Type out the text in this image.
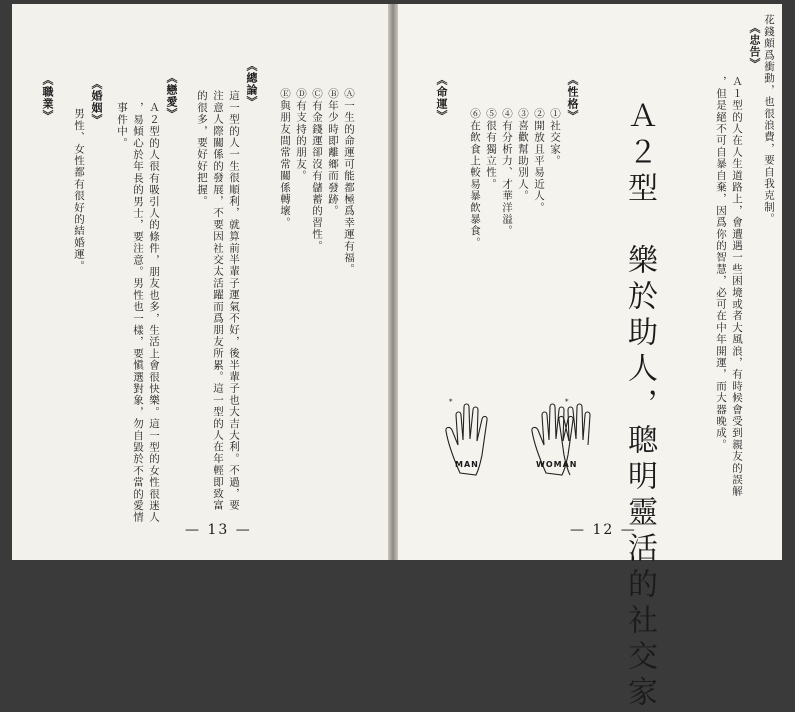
花錢頗爲衝動，也很浪費，要自我克制。
《忠告》
Ａ１型的人在人生道路上，會遭遇一些困境或者大風浪，有時候會受到親友的誤解
，但是絕不可自暴自棄，因爲你的智慧，必可在中年開運，而大器晚成。
Ａ２型　樂於助人，聰明靈活的社交家
《性格》
①社交家。
②開放且平易近人。
③喜歡幫助別人。
④有分析力、才華洋溢。
⑤很有獨立性。
⑥在飲食上較易暴飲暴食。
《命運》
*	*
MAN	WOMAN
— 12 —
Ⓐ一生的命運可能都極爲幸運有福。
Ⓑ年少時即離鄉而發跡。
Ⓒ有金錢運卻沒有儲蓄的習性。
Ⓓ有支持的朋友。
Ⓔ與朋友間常常關係轉壞。
《總論》
這一型的人一生很順利，就算前半輩子運氣不好，後半輩子也大吉大利。不過，要
注意人際關係的發展，不要因社交太活躍而爲朋友所累。這一型的人在年輕即致富
的很多，要好好把握。
《戀愛》
Ａ２型的人很有吸引人的條件，朋友也多，生活上會很快樂。這一型的女性很迷人
，易傾心於年長的男士，要注意。男性也一樣，要愼選對象，勿自毀於不當的愛情
事件中。
《婚姻》
男性、女性都有很好的結婚運。
《職業》
— 13 —
